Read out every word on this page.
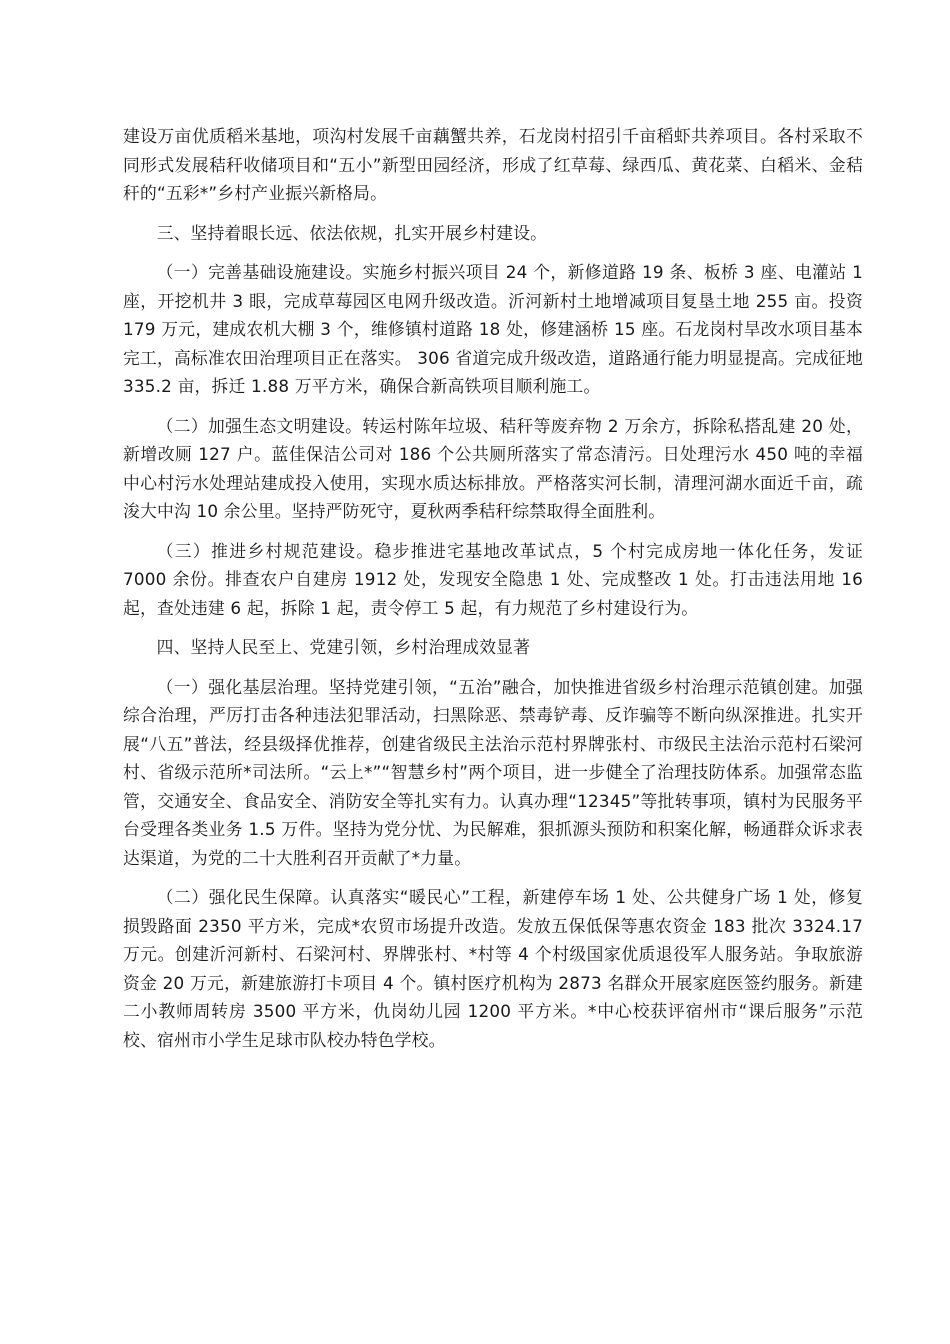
建设万亩优质稻米基地，项沟村发展千亩藕蟹共养，石龙岗村招引千亩稻虾共养项目。各村采取不同形式发展秸秆收储项目和“五小”新型田园经济，形成了红草莓、绿西瓜、黄花菜、白稻米、金秸秆的“五彩*”乡村产业振兴新格局。

三、坚持着眼长远、依法依规，扎实开展乡村建设。

（一）完善基础设施建设。实施乡村振兴项目 24 个，新修道路 19 条、板桥 3 座、电灌站 1 座，开挖机井 3 眼，完成草莓园区电网升级改造。沂河新村土地增减项目复垦土地 255 亩。投资 179 万元，建成农机大棚 3 个，维修镇村道路 18 处，修建涵桥 15 座。石龙岗村旱改水项目基本完工，高标准农田治理项目正在落实。 306 省道完成升级改造，道路通行能力明显提高。完成征地 335.2 亩，拆迁 1.88 万平方米，确保合新高铁项目顺利施工。

（二）加强生态文明建设。转运村陈年垃圾、秸秆等废弃物 2 万余方，拆除私搭乱建 20 处，新增改厕 127 户。蓝佳保洁公司对 186 个公共厕所落实了常态清污。日处理污水 450 吨的幸福中心村污水处理站建成投入使用，实现水质达标排放。严格落实河长制，清理河湖水面近千亩，疏浚大中沟 10 余公里。坚持严防死守，夏秋两季秸秆综禁取得全面胜利。

（三）推进乡村规范建设。稳步推进宅基地改革试点，5 个村完成房地一体化任务，发证 7000 余份。排查农户自建房 1912 处，发现安全隐患 1 处、完成整改 1 处。打击违法用地 16 起，查处违建 6 起，拆除 1 起，责令停工 5 起，有力规范了乡村建设行为。

四、坚持人民至上、党建引领，乡村治理成效显著

（一）强化基层治理。坚持党建引领，“五治”融合，加快推进省级乡村治理示范镇创建。加强综合治理，严厉打击各种违法犯罪活动，扫黑除恶、禁毒铲毒、反诈骗等不断向纵深推进。扎实开展“八五”普法，经县级择优推荐，创建省级民主法治示范村界牌张村、市级民主法治示范村石梁河村、省级示范所*司法所。“云上*”“智慧乡村”两个项目，进一步健全了治理技防体系。加强常态监管，交通安全、食品安全、消防安全等扎实有力。认真办理“12345”等批转事项，镇村为民服务平台受理各类业务 1.5 万件。坚持为党分忧、为民解难，狠抓源头预防和积案化解，畅通群众诉求表达渠道，为党的二十大胜利召开贡献了*力量。

（二）强化民生保障。认真落实“暖民心”工程，新建停车场 1 处、公共健身广场 1 处，修复损毁路面 2350 平方米，完成*农贸市场提升改造。发放五保低保等惠农资金 183 批次 3324.17 万元。创建沂河新村、石梁河村、界牌张村、*村等 4 个村级国家优质退役军人服务站。争取旅游资金 20 万元，新建旅游打卡项目 4 个。镇村医疗机构为 2873 名群众开展家庭医签约服务。新建二小教师周转房 3500 平方米，仇岗幼儿园 1200 平方米。*中心校获评宿州市“课后服务”示范校、宿州市小学生足球市队校办特色学校。
